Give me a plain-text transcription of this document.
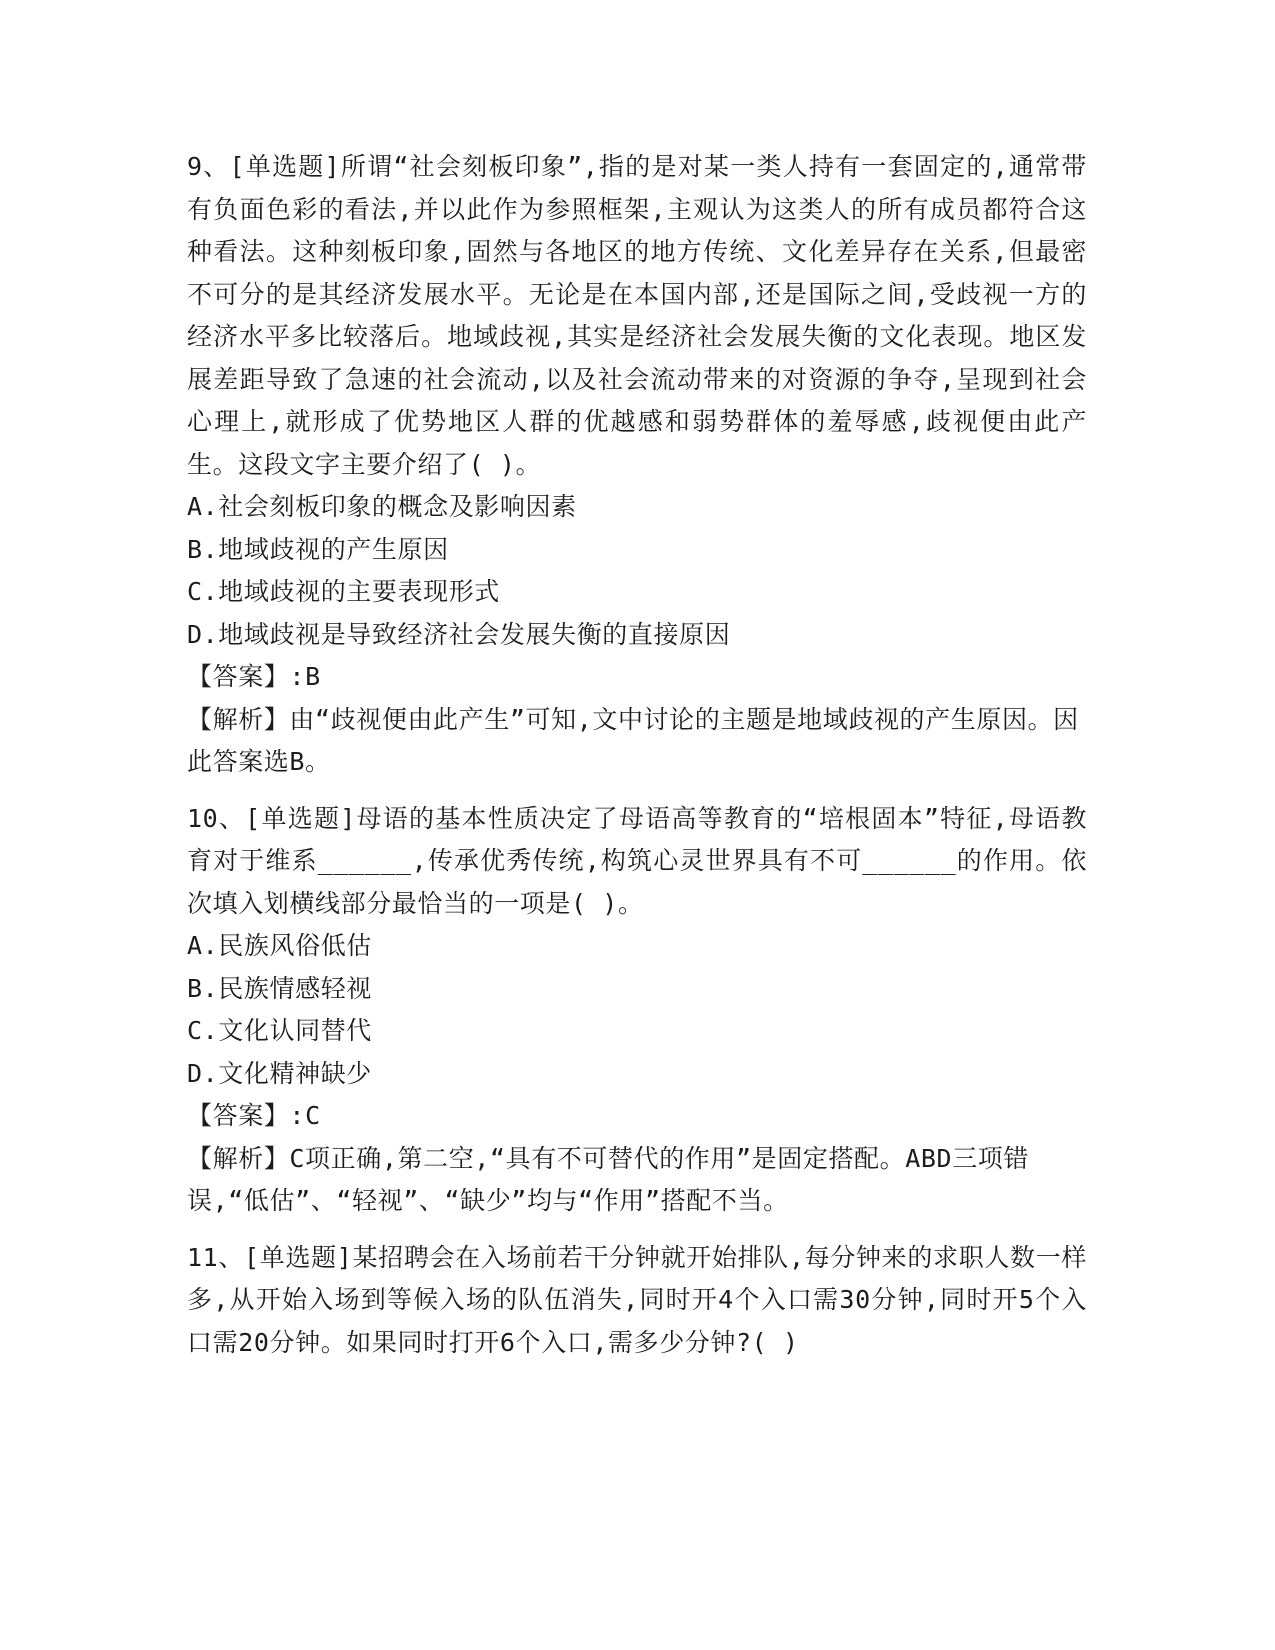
9、[单选题]所谓“社会刻板印象”,指的是对某一类人持有一套固定的,通常带有负面色彩的看法,并以此作为参照框架,主观认为这类人的所有成员都符合这种看法。这种刻板印象,固然与各地区的地方传统、文化差异存在关系,但最密不可分的是其经济发展水平。无论是在本国内部,还是国际之间,受歧视一方的经济水平多比较落后。地域歧视,其实是经济社会发展失衡的文化表现。地区发展差距导致了急速的社会流动,以及社会流动带来的对资源的争夺,呈现到社会心理上,就形成了优势地区人群的优越感和弱势群体的羞辱感,歧视便由此产生。这段文字主要介绍了( )。

A.社会刻板印象的概念及影响因素

B.地域歧视的产生原因

C.地域歧视的主要表现形式

D.地域歧视是导致经济社会发展失衡的直接原因

【答案】:B

【解析】由“歧视便由此产生”可知,文中讨论的主题是地域歧视的产生原因。因此答案选B。

10、[单选题]母语的基本性质决定了母语高等教育的“培根固本”特征,母语教育对于维系______,传承优秀传统,构筑心灵世界具有不可______的作用。依次填入划横线部分最恰当的一项是( )。

A.民族风俗低估

B.民族情感轻视

C.文化认同替代

D.文化精神缺少

【答案】:C

【解析】C项正确,第二空,“具有不可替代的作用”是固定搭配。ABD三项错误,“低估”、“轻视”、“缺少”均与“作用”搭配不当。

11、[单选题]某招聘会在入场前若干分钟就开始排队,每分钟来的求职人数一样多,从开始入场到等候入场的队伍消失,同时开4个入口需30分钟,同时开5个入口需20分钟。如果同时打开6个入口,需多少分钟?( )
